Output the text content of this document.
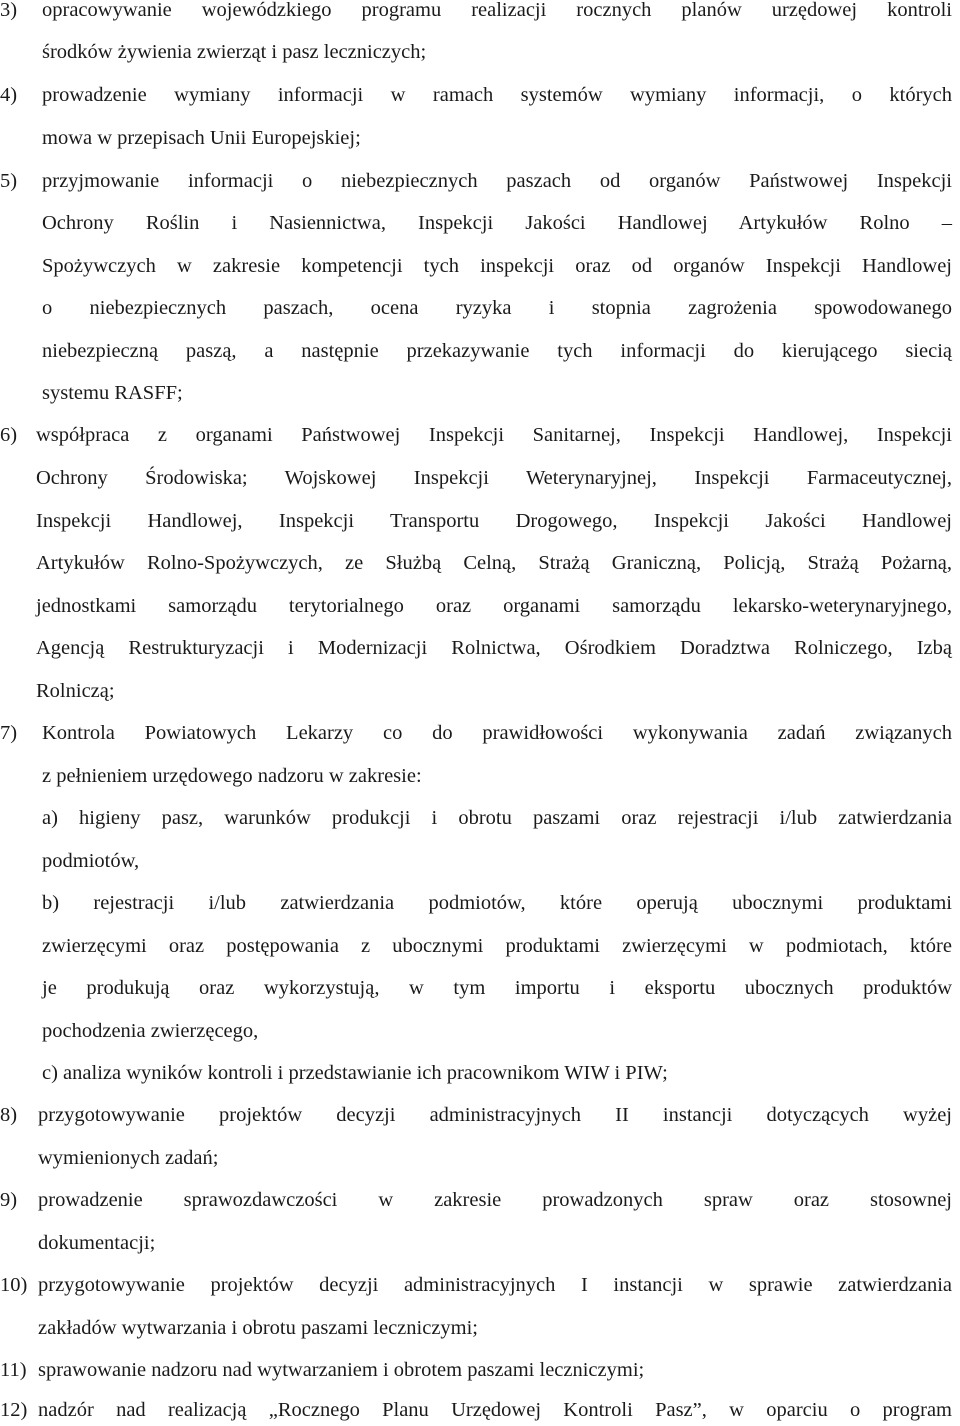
3) opracowywanie wojewódzkiego programu realizacji rocznych planów urzędowej kontroli
środków żywienia zwierząt i pasz leczniczych;
4) prowadzenie wymiany informacji w ramach systemów wymiany informacji, o których
mowa w przepisach Unii Europejskiej;
5) przyjmowanie informacji o niebezpiecznych paszach od organów Państwowej Inspekcji
Ochrony Roślin i Nasiennictwa, Inspekcji Jakości Handlowej Artykułów Rolno –
Spożywczych w zakresie kompetencji tych inspekcji oraz od organów Inspekcji Handlowej
o niebezpiecznych paszach, ocena ryzyka i stopnia zagrożenia spowodowanego
niebezpieczną paszą, a następnie przekazywanie tych informacji do kierującego siecią
systemu RASFF;
6) współpraca z organami Państwowej Inspekcji Sanitarnej, Inspekcji Handlowej, Inspekcji
Ochrony Środowiska; Wojskowej Inspekcji Weterynaryjnej, Inspekcji Farmaceutycznej,
Inspekcji Handlowej, Inspekcji Transportu Drogowego, Inspekcji Jakości Handlowej
Artykułów Rolno-Spożywczych, ze Służbą Celną, Strażą Graniczną, Policją, Strażą Pożarną,
jednostkami samorządu terytorialnego oraz organami samorządu lekarsko-weterynaryjnego,
Agencją Restrukturyzacji i Modernizacji Rolnictwa, Ośrodkiem Doradztwa Rolniczego, Izbą
Rolniczą;
7) Kontrola Powiatowych Lekarzy co do prawidłowości wykonywania zadań związanych
z pełnieniem urzędowego nadzoru w zakresie:
a) higieny pasz, warunków produkcji i obrotu paszami oraz rejestracji i/lub zatwierdzania
podmiotów,
b) rejestracji i/lub zatwierdzania podmiotów, które operują ubocznymi produktami
zwierzęcymi oraz postępowania z ubocznymi produktami zwierzęcymi w podmiotach, które
je produkują oraz wykorzystują, w tym importu i eksportu ubocznych produktów
pochodzenia zwierzęcego,
c) analiza wyników kontroli i przedstawianie ich pracownikom WIW i PIW;
8) przygotowywanie projektów decyzji administracyjnych II instancji dotyczących wyżej
wymienionych zadań;
9) prowadzenie sprawozdawczości w zakresie prowadzonych spraw oraz stosownej
dokumentacji;
10) przygotowywanie projektów decyzji administracyjnych I instancji w sprawie zatwierdzania
zakładów wytwarzania i obrotu paszami leczniczymi;
11) sprawowanie nadzoru nad wytwarzaniem i obrotem paszami leczniczymi;
12) nadzór nad realizacją „Rocznego Planu Urzędowej Kontroli Pasz”, w oparciu o program
